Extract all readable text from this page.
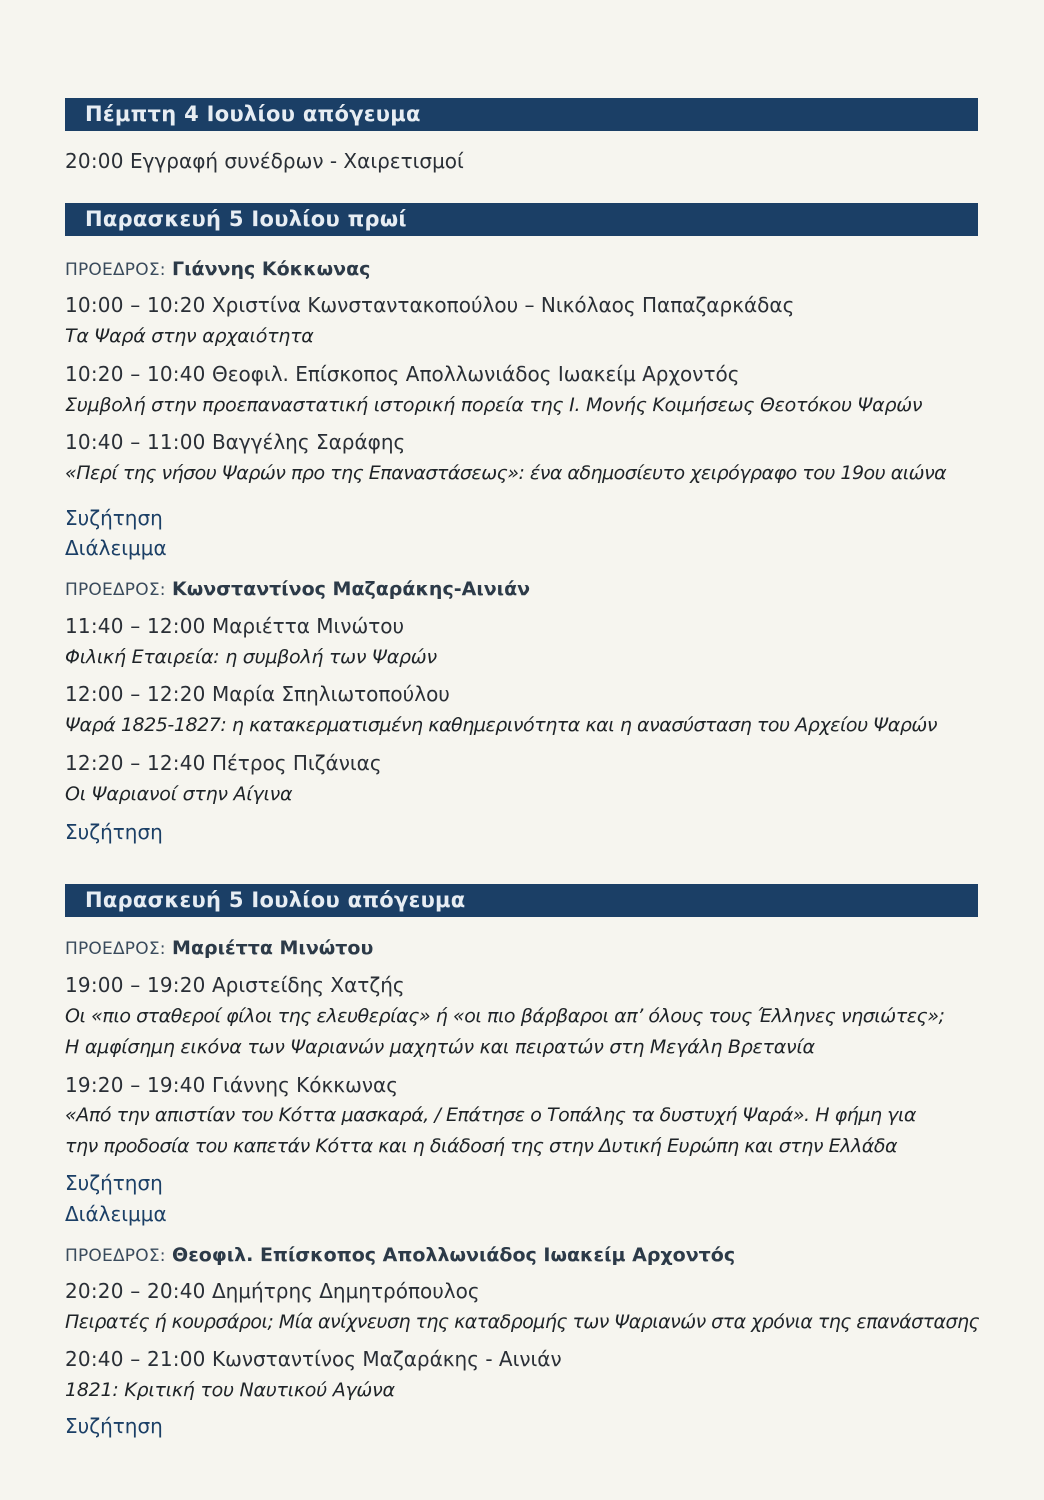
Πέμπτη 4 Ιουλίου απόγευμα
20:00 Εγγραφή συνέδρων - Χαιρετισμοί
Παρασκευή 5 Ιουλίου πρωί
ΠΡΟΕΔΡΟΣ: Γιάννης Κόκκωνας
10:00 – 10:20 Χριστίνα Κωνσταντακοπούλου – Νικόλαος Παπαζαρκάδας
Τα Ψαρά στην αρχαιότητα
10:20 – 10:40 Θεοφιλ. Επίσκοπος Απολλωνιάδος Ιωακείμ Αρχοντός
Συμβολή στην προεπαναστατική ιστορική πορεία της Ι. Μονής Κοιμήσεως Θεοτόκου Ψαρών
10:40 – 11:00 Βαγγέλης Σαράφης
«Περί της νήσου Ψαρών προ της Επαναστάσεως»: ένα αδημοσίευτο χειρόγραφο του 19ου αιώνα
Συζήτηση
Διάλειμμα
ΠΡΟΕΔΡΟΣ: Κωνσταντίνος Μαζαράκης-Αινιάν
11:40 – 12:00 Μαριέττα Μινώτου
Φιλική Εταιρεία: η συμβολή των Ψαρών
12:00 – 12:20 Μαρία Σπηλιωτοπούλου
Ψαρά 1825-1827: η κατακερματισμένη καθημερινότητα και η ανασύσταση του Αρχείου Ψαρών
12:20 – 12:40 Πέτρος Πιζάνιας
Οι Ψαριανοί στην Αίγινα
Συζήτηση
Παρασκευή 5 Ιουλίου απόγευμα
ΠΡΟΕΔΡΟΣ: Μαριέττα Μινώτου
19:00 – 19:20 Αριστείδης Χατζής
Οι «πιο σταθεροί φίλοι της ελευθερίας» ή «οι πιο βάρβαροι απ’ όλους τους Έλληνες νησιώτες»;
Η αμφίσημη εικόνα των Ψαριανών μαχητών και πειρατών στη Μεγάλη Βρετανία
19:20 – 19:40 Γιάννης Κόκκωνας
«Από την απιστίαν του Κόττα μασκαρά, / Επάτησε ο Τοπάλης τα δυστυχή Ψαρά». Η φήμη για
την προδοσία του καπετάν Κόττα και η διάδοσή της στην Δυτική Ευρώπη και στην Ελλάδα
Συζήτηση
Διάλειμμα
ΠΡΟΕΔΡΟΣ: Θεοφιλ. Επίσκοπος Απολλωνιάδος Ιωακείμ Αρχοντός
20:20 – 20:40 Δημήτρης Δημητρόπουλος
Πειρατές ή κουρσάροι; Μία ανίχνευση της καταδρομής των Ψαριανών στα χρόνια της επανάστασης
20:40 – 21:00 Κωνσταντίνος Μαζαράκης - Αινιάν
1821: Κριτική του Ναυτικού Αγώνα
Συζήτηση
